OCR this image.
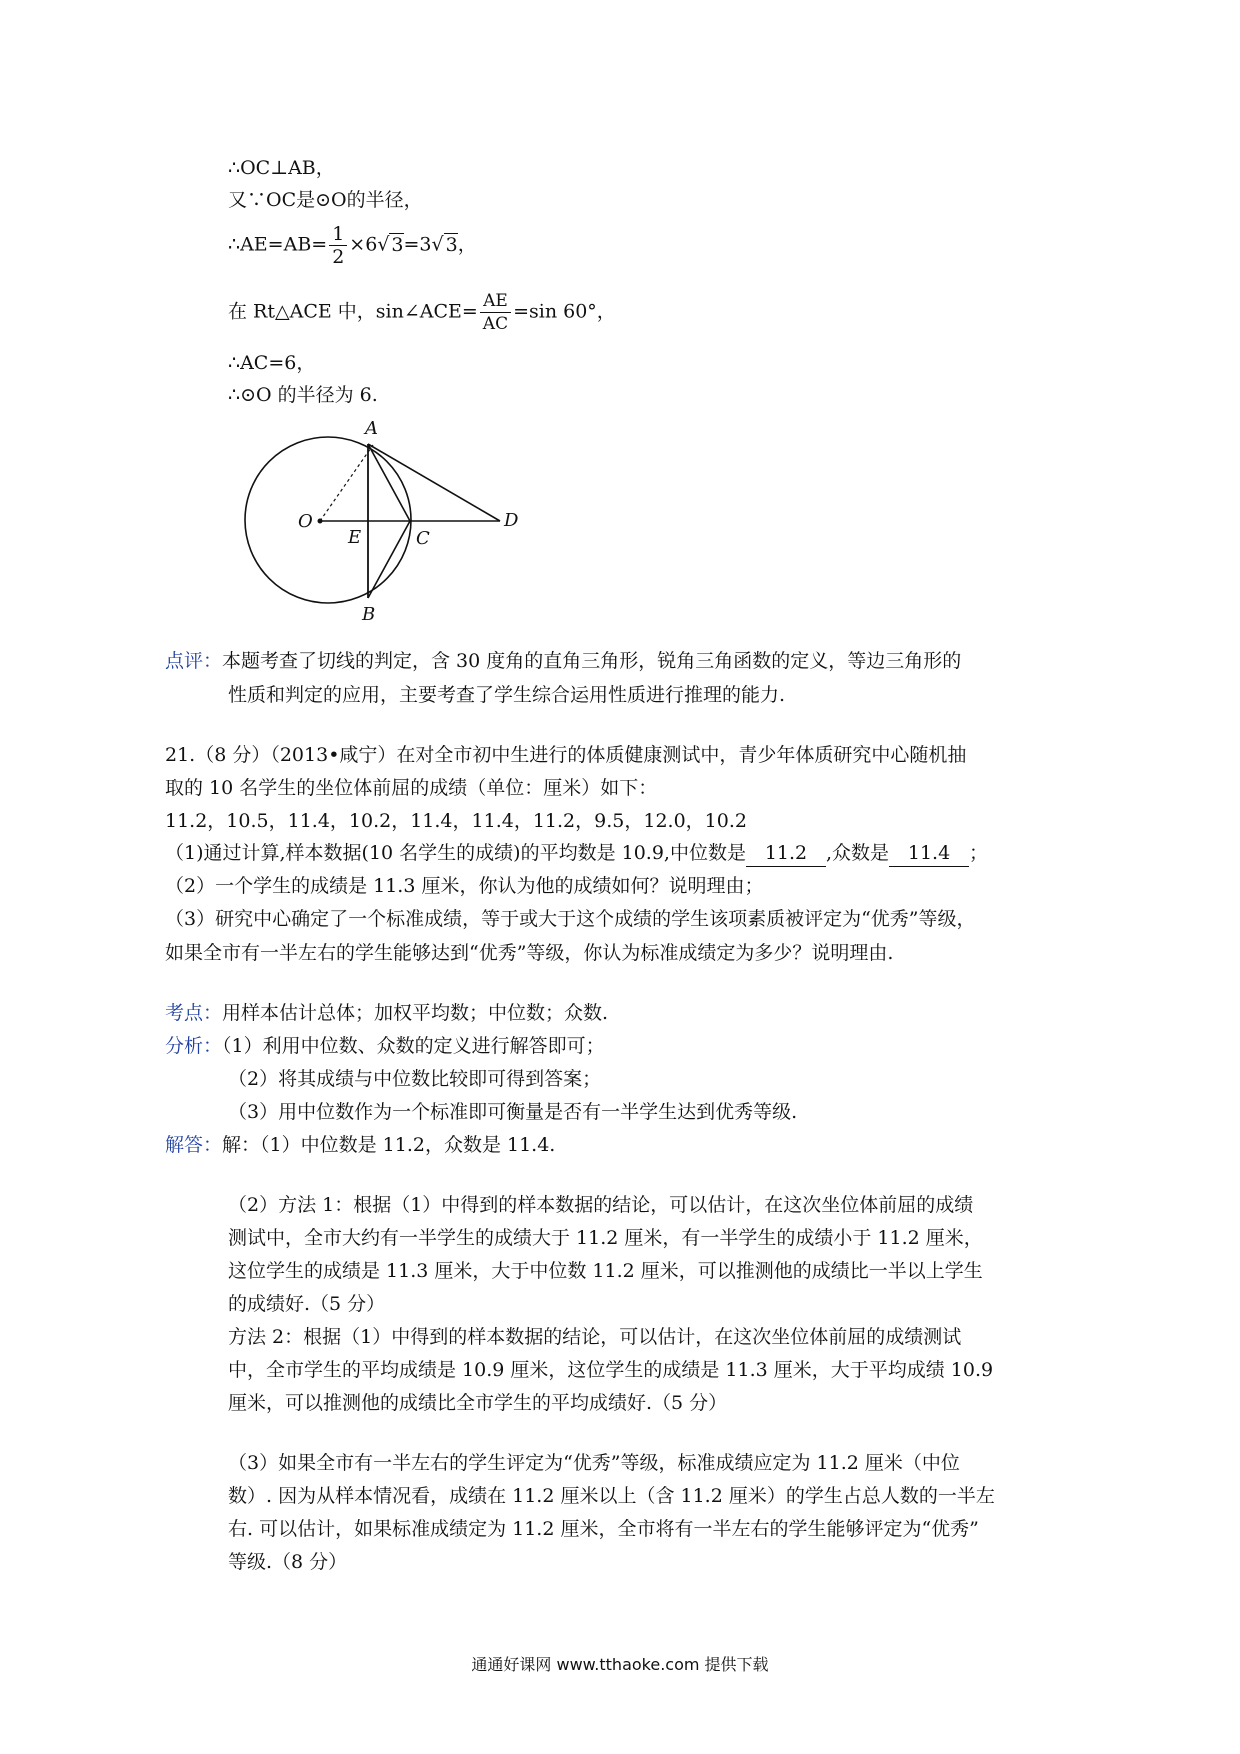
∴OC⊥AB，
又∵OC是⊙O的半径，
∴AE=AB= $\frac{1}{2} \times 6√$ 3=3√ 3，
在 Rt△ACE 中，sin∠ACE= $\frac{AE}{AC} =\sin$ 60°，
∴AC=6，
∴⊙O 的半径为 6.
A
O
E	C
D
B
点评：本题考查了切线的判定，含 30 度角的直角三角形，锐角三角函数的定义，等边三角形的
性质和判定的应用，主要考查了学生综合运用性质进行推理的能力.
21.（8 分）（2013•咸宁）在对全市初中生进行的体质健康测试中，青少年体质研究中心随机抽
取的 10 名学生的坐位体前屈的成绩（单位：厘米）如下：
11.2，10.5，11.4，10.2，11.4，11.4，11.2，9.5，12.0，10.2
（1)通过计算,样本数据(10 名学生的成绩)的平均数是 10.9,中位数是 11.2 ,众数是 11.4 ；
（2）一个学生的成绩是 11.3 厘米，你认为他的成绩如何？说明理由；
（3）研究中心确定了一个标准成绩，等于或大于这个成绩的学生该项素质被评定为“优秀”等级，
如果全市有一半左右的学生能够达到“优秀”等级，你认为标准成绩定为多少？说明理由.
考点：用样本估计总体；加权平均数；中位数；众数.
分析：（1）利用中位数、众数的定义进行解答即可；
（2）将其成绩与中位数比较即可得到答案；
（3）用中位数作为一个标准即可衡量是否有一半学生达到优秀等级.
解答：解：（1）中位数是 11.2，众数是 11.4.
（2）方法 1：根据（1）中得到的样本数据的结论，可以估计，在这次坐位体前屈的成绩
测试中，全市大约有一半学生的成绩大于 11.2 厘米，有一半学生的成绩小于 11.2 厘米，
这位学生的成绩是 11.3 厘米，大于中位数 11.2 厘米，可以推测他的成绩比一半以上学生
的成绩好.（5 分）
方法 2：根据（1）中得到的样本数据的结论，可以估计，在这次坐位体前屈的成绩测试
中，全市学生的平均成绩是 10.9 厘米，这位学生的成绩是 11.3 厘米，大于平均成绩 10.9
厘米，可以推测他的成绩比全市学生的平均成绩好.（5 分）
（3）如果全市有一半左右的学生评定为“优秀”等级，标准成绩应定为 11.2 厘米（中位
数）. 因为从样本情况看，成绩在 11.2 厘米以上（含 11.2 厘米）的学生占总人数的一半左
右. 可以估计，如果标准成绩定为 11.2 厘米，全市将有一半左右的学生能够评定为“优秀”
等级.（8 分）
通通好课网 www.tthaoke.com 提供下载
